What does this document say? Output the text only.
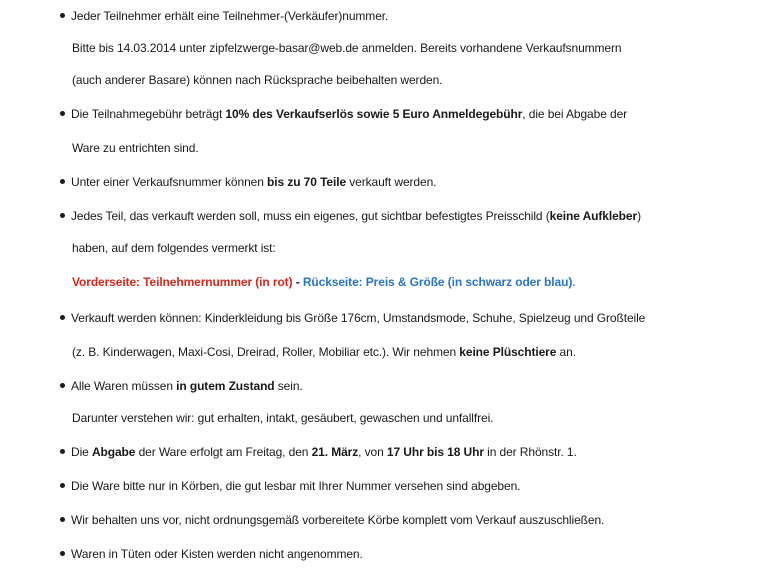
Jeder Teilnehmer erhält eine Teilnehmer-(Verkäufer)nummer.
Bitte bis 14.03.2014 unter zipfelzwerge-basar@web.de anmelden. Bereits vorhandene Verkaufsnummern
(auch anderer Basare) können nach Rücksprache beibehalten werden.
Die Teilnahmegebühr beträgt 10% des Verkaufserlös sowie 5 Euro Anmeldegebühr, die bei Abgabe der
Ware zu entrichten sind.
Unter einer Verkaufsnummer können bis zu 70 Teile verkauft werden.
Jedes Teil, das verkauft werden soll, muss ein eigenes, gut sichtbar befestigtes Preisschild (keine Aufkleber)
haben, auf dem folgendes vermerkt ist:
Vorderseite: Teilnehmernummer (in rot) - Rückseite: Preis & Größe (in schwarz oder blau).
Verkauft werden können: Kinderkleidung bis Größe 176cm, Umstandsmode, Schuhe, Spielzeug und Großteile
(z. B. Kinderwagen, Maxi-Cosi, Dreirad, Roller, Mobiliar etc.). Wir nehmen keine Plüschtiere an.
Alle Waren müssen in gutem Zustand sein.
Darunter verstehen wir: gut erhalten, intakt, gesäubert, gewaschen und unfallfrei.
Die Abgabe der Ware erfolgt am Freitag, den 21. März, von 17 Uhr bis 18 Uhr in der Rhönstr. 1.
Die Ware bitte nur in Körben, die gut lesbar mit Ihrer Nummer versehen sind abgeben.
Wir behalten uns vor, nicht ordnungsgemäß vorbereitete Körbe komplett vom Verkauf auszuschließen.
Waren in Tüten oder Kisten werden nicht angenommen.
